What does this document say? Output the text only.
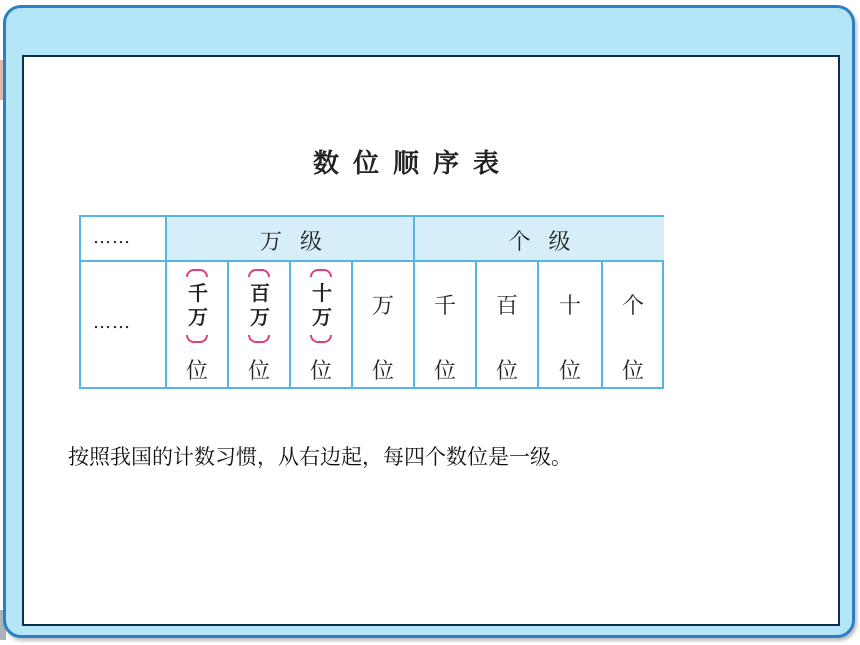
数位顺序表
……
……
万级	个级
千
万
位
百
万
位
十
万
位
万
位
千
位
百
位
十
位
个
位
按照我国的计数习惯，从右边起，每四个数位是一级。
